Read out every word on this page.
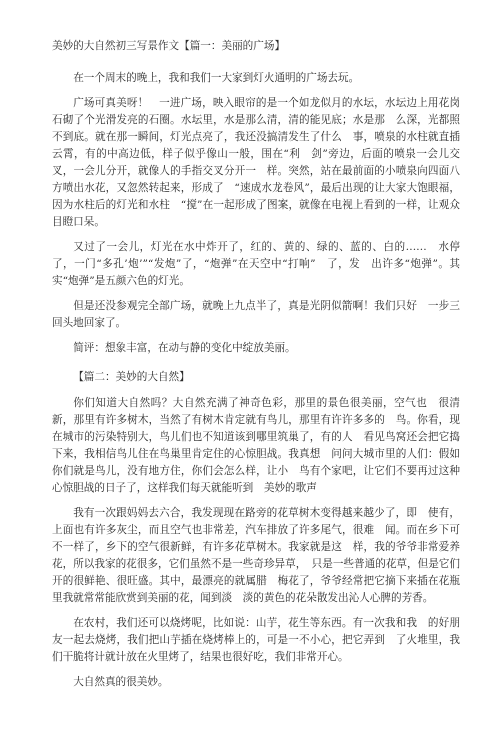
美妙的大自然初三写景作文【篇一：美丽的广场】

在一个周末的晚上，我和我们一大家到灯火通明的广场去玩。

广场可真美呀！　一进广场，映入眼帘的是一个如龙似月的水坛，水坛边上用花岗石砌了个光滑发亮的石圈。水坛里，水是那么清，清的能见底；水是那　么深，光都照不到底。就在那一瞬间，灯光点亮了，我还没搞清发生了什么　事，喷泉的水柱就直插云霄，有的中高边低，样子似乎像山一般，围在“利　剑”旁边，后面的喷泉一会儿交叉，一会儿分开，就像人的手指交叉分开一　样。突然，站在最前面的小喷泉向四面八方喷出水花，又忽然转起来，形成了　“速成水龙卷风”，最后出现的让大家大饱眼福，因为水柱后的灯光和水柱　“搅”在一起形成了图案，就像在电视上看到的一样，让观众目瞪口呆。

又过了一会儿，灯光在水中炸开了，红的、黄的、绿的、蓝的、白的……　水停了，一门“多孔’炮’”“发炮”了，“炮弹”在天空中“打响”　了，发　出许多“炮弹”。其实“炮弹”是五颜六色的灯光。

但是还没参观完全部广场，就晚上九点半了，真是光阴似箭啊！我们只好　一步三回头地回家了。

简评：想象丰富，在动与静的变化中绽放美丽。

【篇二：美妙的大自然】

你们知道大自然吗？大自然充满了神奇色彩，那里的景色很美丽，空气也　很清新，那里有许多树木，当然了有树木肯定就有鸟儿，那里有许许多多的　鸟。你看，现在城市的污染特别大，鸟儿们也不知道该到哪里筑巢了，有的人　看见鸟窝还会把它捣下来，我相信鸟儿住在鸟巢里肯定住的心惊胆战。我真想　问问大城市里的人们：假如你们就是鸟儿，没有地方住，你们会怎么样，让小　鸟有个家吧，让它们不要再过这种心惊胆战的日子了，这样我们每天就能听到　美妙的歌声

我有一次跟妈妈去六合，我发现现在路旁的花草树木变得越来越少了，即　使有，上面也有许多灰尘，而且空气也非常差，汽车排放了许多尾气，很难　闻。而在乡下可不一样了，乡下的空气很新鲜，有许多花草树木。我家就是这　样，我的爷爷非常爱养花，所以我家的花很多，它们虽然不是一些奇珍异草，　只是一些普通的花草，但是它们开的很鲜艳、很旺盛。其中，最漂亮的就属腊　梅花了，爷爷经常把它摘下来插在花瓶里我就常常能欣赏到美丽的花，闻到淡　淡的黄色的花朵散发出沁人心脾的芳香。

在农村，我们还可以烧烤呢，比如说：山芋，花生等东西。有一次我和我　的好朋友一起去烧烤，我们把山芋插在烧烤棒上的，可是一不小心，把它弄到　了火堆里，我们干脆将计就计放在火里烤了，结果也很好吃，我们非常开心。

大自然真的很美妙。
